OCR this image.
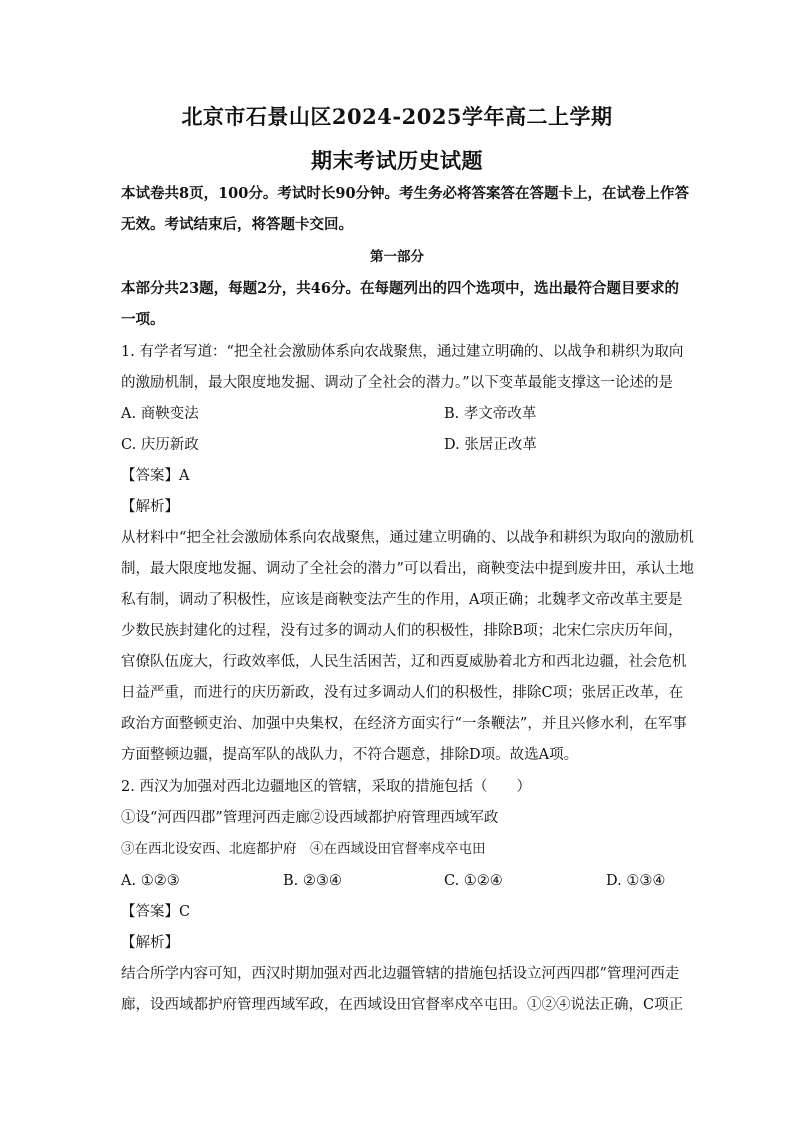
北京市石景山区2024-2025学年高二上学期
期末考试历史试题
本试卷共8页，100分。考试时长90分钟。考生务必将答案答在答题卡上，在试卷上作答
无效。考试结束后，将答题卡交回。
第一部分
本部分共23题，每题2分，共46分。在每题列出的四个选项中，选出最符合题目要求的
一项。
1. 有学者写道：“把全社会激励体系向农战聚焦，通过建立明确的、以战争和耕织为取向
的激励机制，最大限度地发掘、调动了全社会的潜力。”以下变革最能支撑这一论述的是
A. 商鞅变法	B. 孝文帝改革
C. 庆历新政	D. 张居正改革
【答案】A
【解析】
从材料中“把全社会激励体系向农战聚焦，通过建立明确的、以战争和耕织为取向的激励机
制，最大限度地发掘、调动了全社会的潜力”可以看出，商鞅变法中提到废井田，承认土地
私有制，调动了积极性，应该是商鞅变法产生的作用，A项正确；北魏孝文帝改革主要是
少数民族封建化的过程，没有过多的调动人们的积极性，排除B项；北宋仁宗庆历年间，
官僚队伍庞大，行政效率低，人民生活困苦，辽和西夏威胁着北方和西北边疆，社会危机
日益严重，而进行的庆历新政，没有过多调动人们的积极性，排除C项；张居正改革，在
政治方面整顿吏治、加强中央集权，在经济方面实行“一条鞭法”，并且兴修水利，在军事
方面整顿边疆，提高军队的战队力，不符合题意，排除D项。故选A项。
2. 西汉为加强对西北边疆地区的管辖，采取的措施包括（　　）
①设“河西四郡”管理河西走廊②设西域都护府管理西域军政
③在西北设安西、北庭都护府　④在西域设田官督率戍卒屯田
A. ①②③	B. ②③④	C. ①②④	D. ①③④
【答案】C
【解析】
结合所学内容可知，西汉时期加强对西北边疆管辖的措施包括设立河西四郡”管理河西走
廊，设西域都护府管理西域军政，在西域设田官督率戍卒屯田。①②④说法正确，C项正
